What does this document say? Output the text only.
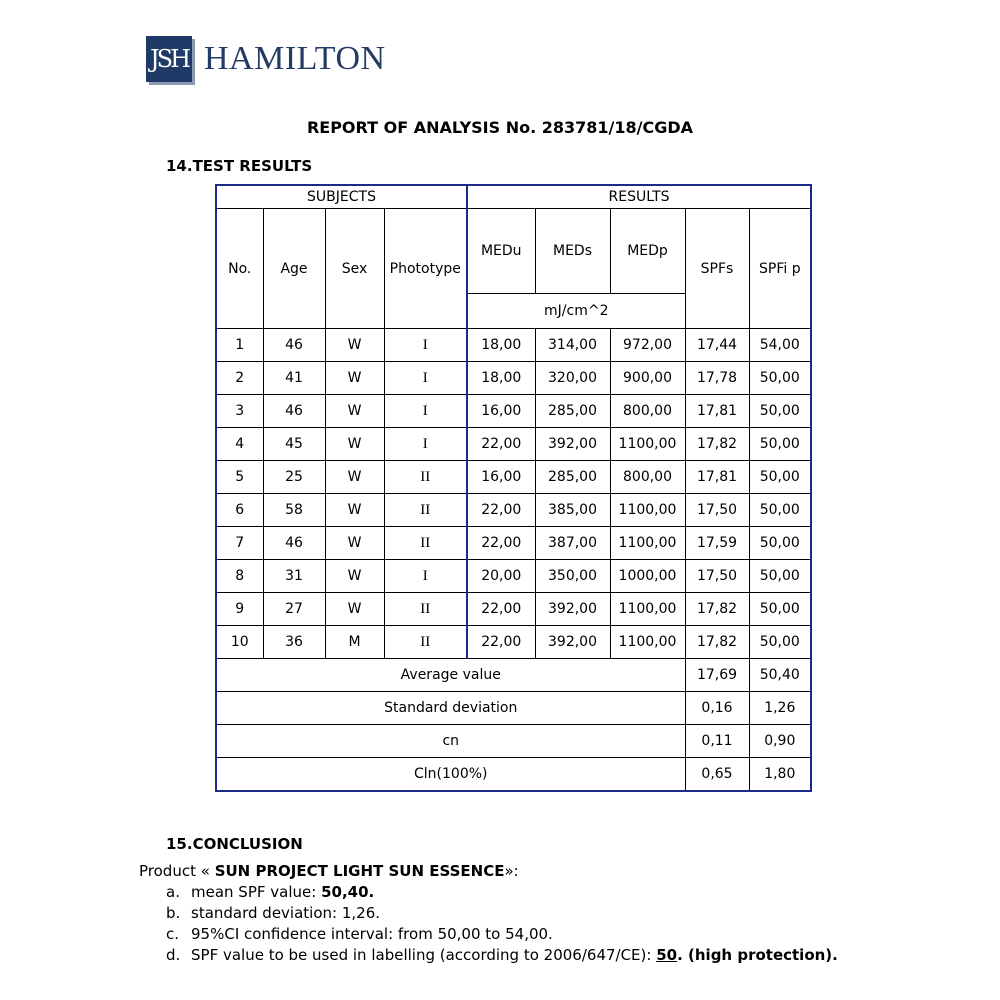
JSH HAMILTON
REPORT OF ANALYSIS No. 283781/18/CGDA
14.TEST RESULTS
SUBJECTS				RESULTS				
No.	Age	Sex	Phototype	MEDu	MEDs	MEDp	SPFs	SPFi p
				mJ/cm^2				
1	46	W	I	18,00	314,00	972,00	17,44	54,00
2	41	W	I	18,00	320,00	900,00	17,78	50,00
3	46	W	I	16,00	285,00	800,00	17,81	50,00
4	45	W	I	22,00	392,00	1100,00	17,82	50,00
5	25	W	II	16,00	285,00	800,00	17,81	50,00
6	58	W	II	22,00	385,00	1100,00	17,50	50,00
7	46	W	II	22,00	387,00	1100,00	17,59	50,00
8	31	W	I	20,00	350,00	1000,00	17,50	50,00
9	27	W	II	22,00	392,00	1100,00	17,82	50,00
10	36	M	II	22,00	392,00	1100,00	17,82	50,00
Average value							17,69	50,40
Standard deviation							0,16	1,26
cn							0,11	0,90
Cln(100%)							0,65	1,80
15.CONCLUSION
Product « SUN PROJECT LIGHT SUN ESSENCE»:
a. mean SPF value: 50,40.
b. standard deviation: 1,26.
c. 95%CI confidence interval: from 50,00 to 54,00.
d. SPF value to be used in labelling (according to 2006/647/CE): 50. (high protection).
